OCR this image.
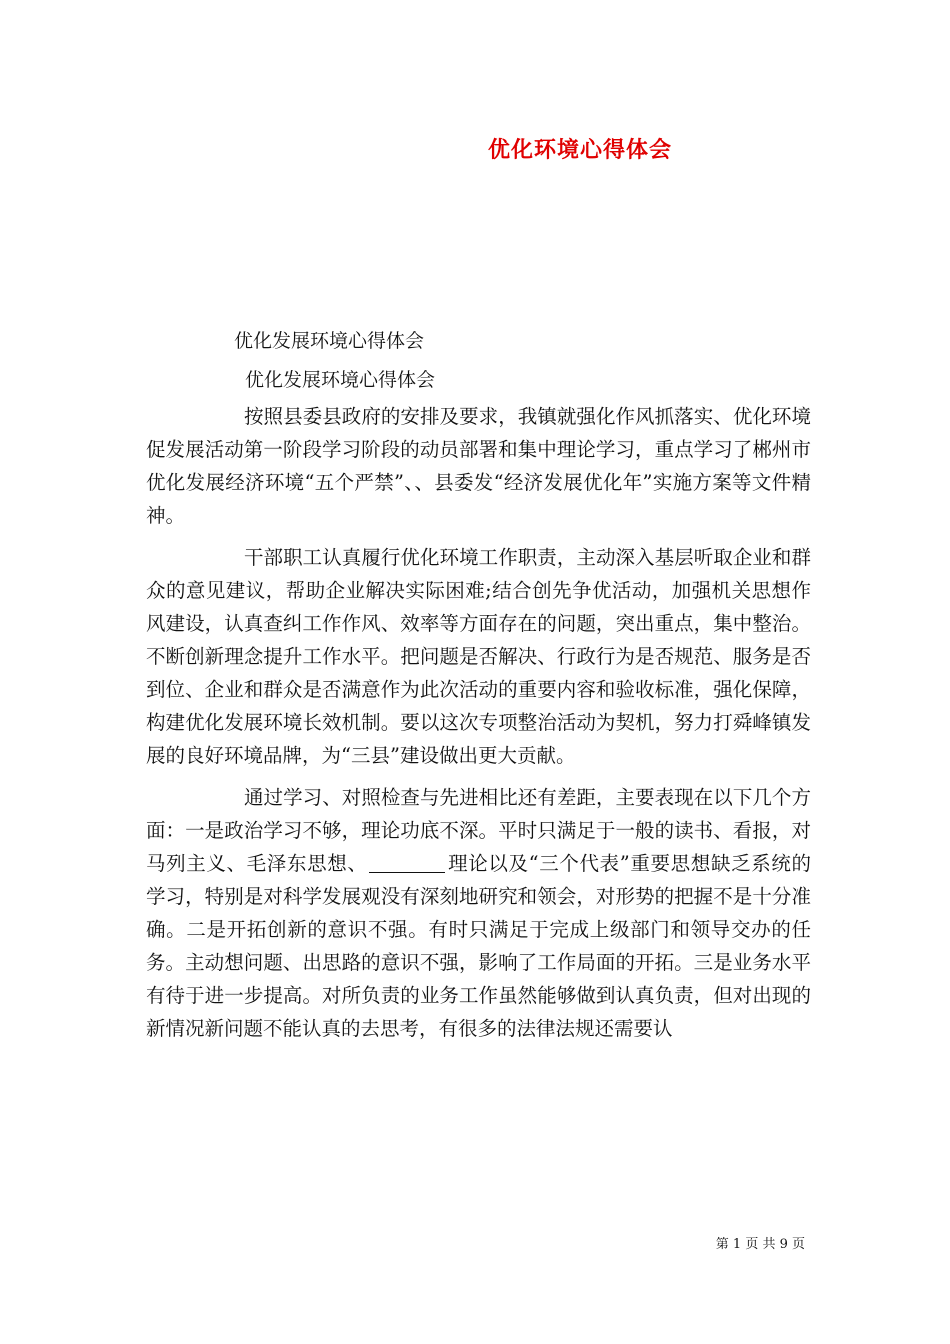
优化环境心得体会
优化发展环境心得体会
优化发展环境心得体会

按照县委县政府的安排及要求，我镇就强化作风抓落实、优化环境促发展活动第一阶段学习阶段的动员部署和集中理论学习，重点学习了郴州市优化发展经济环境“五个严禁”、、县委发“经济发展优化年”实施方案等文件精神。

干部职工认真履行优化环境工作职责，主动深入基层听取企业和群众的意见建议，帮助企业解决实际困难;结合创先争优活动，加强机关思想作风建设，认真查纠工作作风、效率等方面存在的问题，突出重点，集中整治。不断创新理念提升工作水平。把问题是否解决、行政行为是否规范、服务是否到位、企业和群众是否满意作为此次活动的重要内容和验收标准，强化保障，构建优化发展环境长效机制。要以这次专项整治活动为契机，努力打舜峰镇发展的良好环境品牌，为“三县”建设做出更大贡献。

通过学习、对照检查与先进相比还有差距，主要表现在以下几个方面：一是政治学习不够，理论功底不深。平时只满足于一般的读书、看报，对马列主义、毛泽东思想、	理论以及“三个代表”重要思想缺乏系统的学习，特别是对科学发展观没有深刻地研究和领会，对形势的把握不是十分准确。二是开拓创新的意识不强。有时只满足于完成上级部门和领导交办的任务。主动想问题、出思路的意识不强，影响了工作局面的开拓。三是业务水平有待于进一步提高。对所负责的业务工作虽然能够做到认真负责，但对出现的新情况新问题不能认真的去思考，有很多的法律法规还需要认

第 1 页 共 9 页
